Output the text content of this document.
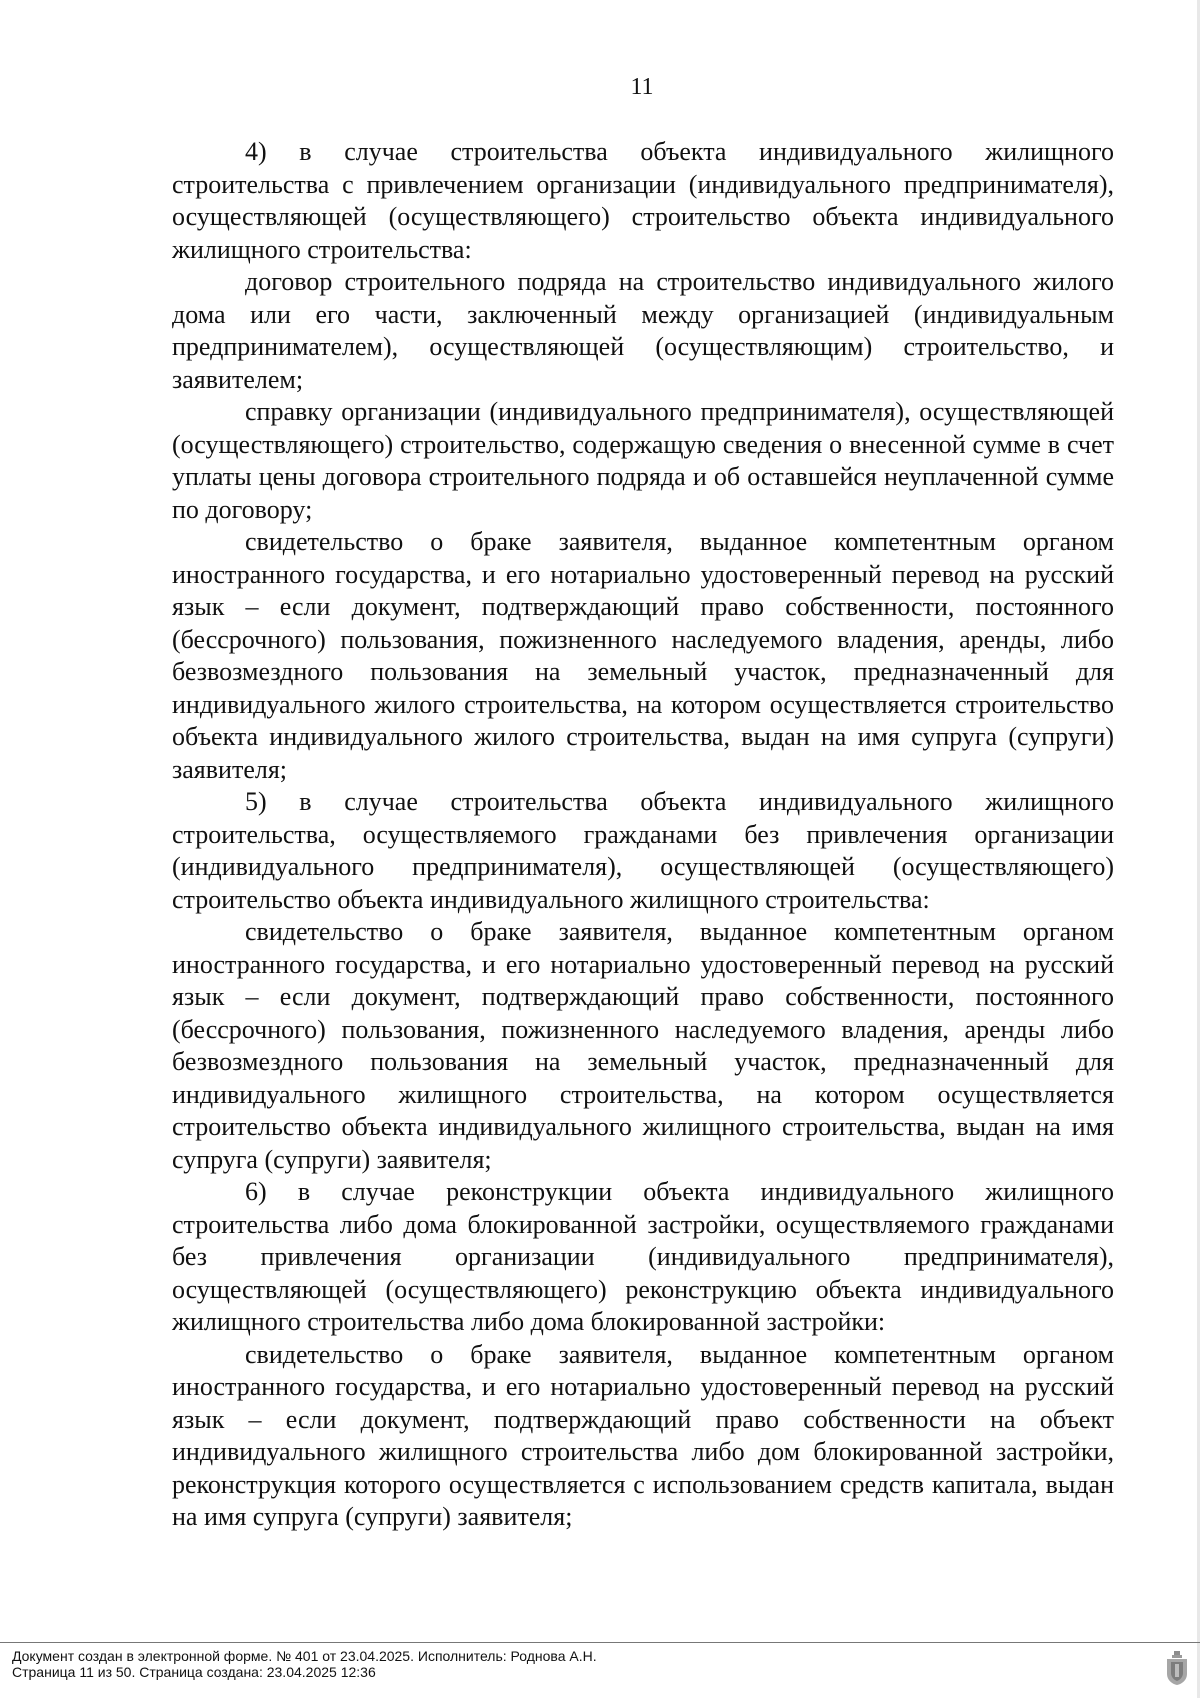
11

4) в случае строительства объекта индивидуального жилищного строительства с привлечением организации (индивидуального предпринимателя), осуществляющей (осуществляющего) строительство объекта индивидуального жилищного строительства:

договор строительного подряда на строительство индивидуального жилого дома или его части, заключенный между организацией (индивидуальным предпринимателем), осуществляющей (осуществляющим) строительство, и заявителем;

справку организации (индивидуального предпринимателя), осуществляющей (осуществляющего) строительство, содержащую сведения о внесенной сумме в счет уплаты цены договора строительного подряда и об оставшейся неуплаченной сумме по договору;

свидетельство о браке заявителя, выданное компетентным органом иностранного государства, и его нотариально удостоверенный перевод на русский язык – если документ, подтверждающий право собственности, постоянного (бессрочного) пользования, пожизненного наследуемого владения, аренды, либо безвозмездного пользования на земельный участок, предназначенный для индивидуального жилого строительства, на котором осуществляется строительство объекта индивидуального жилого строительства, выдан на имя супруга (супруги) заявителя;

5) в случае строительства объекта индивидуального жилищного строительства, осуществляемого гражданами без привлечения организации (индивидуального предпринимателя), осуществляющей (осуществляющего) строительство объекта индивидуального жилищного строительства:

свидетельство о браке заявителя, выданное компетентным органом иностранного государства, и его нотариально удостоверенный перевод на русский язык – если документ, подтверждающий право собственности, постоянного (бессрочного) пользования, пожизненного наследуемого владения, аренды либо безвозмездного пользования на земельный участок, предназначенный для индивидуального жилищного строительства, на котором осуществляется строительство объекта индивидуального жилищного строительства, выдан на имя супруга (супруги) заявителя;

6) в случае реконструкции объекта индивидуального жилищного строительства либо дома блокированной застройки, осуществляемого гражданами без привлечения организации (индивидуального предпринимателя), осуществляющей (осуществляющего) реконструкцию объекта индивидуального жилищного строительства либо дома блокированной застройки:

свидетельство о браке заявителя, выданное компетентным органом иностранного государства, и его нотариально удостоверенный перевод на русский язык – если документ, подтверждающий право собственности на объект индивидуального жилищного строительства либо дом блокированной застройки, реконструкция которого осуществляется с использованием средств капитала, выдан на имя супруга (супруги) заявителя;

Документ создан в электронной форме. № 401 от 23.04.2025. Исполнитель: Роднова А.Н.
Страница 11 из 50. Страница создана: 23.04.2025 12:36
